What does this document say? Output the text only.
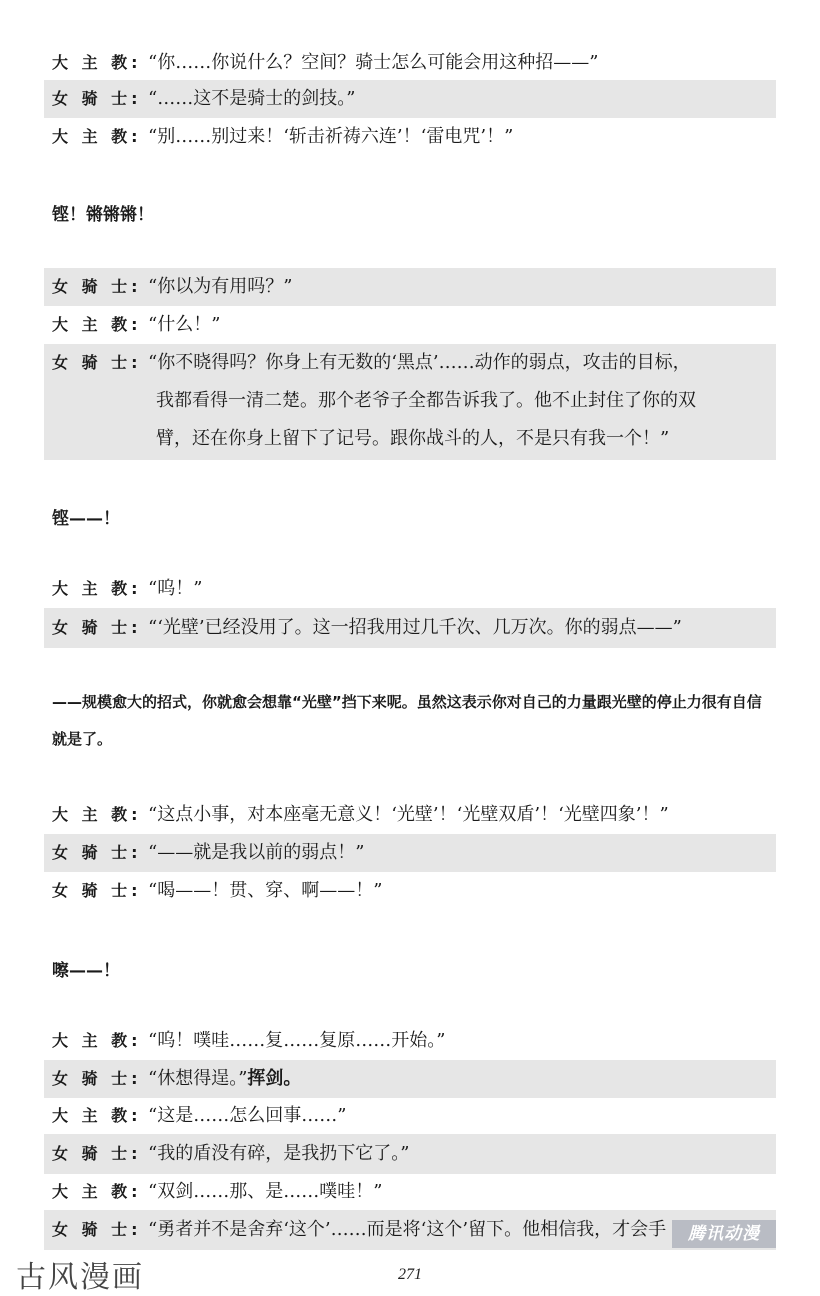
大 主 教: “你……你说什么？空间？骑士怎么可能会用这种招——”
女 骑 士: “……这不是骑士的剑技。”
大 主 教: “别……别过来！‘斩击祈祷六连’！‘雷电咒’！”
铿！锵锵锵！
女 骑 士: “你以为有用吗？”
大 主 教: “什么！”
女 骑 士: “你不晓得吗？你身上有无数的‘黑点’……动作的弱点，攻击的目标，
我都看得一清二楚。那个老爷子全都告诉我了。他不止封住了你的双
臂，还在你身上留下了记号。跟你战斗的人，不是只有我一个！”
铿——！
大 主 教: “呜！”
女 骑 士: “‘光壁’已经没用了。这一招我用过几千次、几万次。你的弱点——”
——规模愈大的招式，你就愈会想靠“光壁”挡下来呢。虽然这表示你对自己的力量跟光壁的停止力很有自信就是了。
大 主 教: “这点小事，对本座毫无意义！‘光壁’！‘光壁双盾’！‘光壁四象’！”
女 骑 士: “——就是我以前的弱点！”
女 骑 士: “喝——！贯、穿、啊——！”
嚓——！
大 主 教: “呜！噗哇……复……复原……开始。”
女 骑 士: “休想得逞。”挥剑。
大 主 教: “这是……怎么回事……”
女 骑 士: “我的盾没有碎，是我扔下它了。”
大 主 教: “双剑……那、是……噗哇！”
女 骑 士: “勇者并不是舍弃‘这个’……而是将‘这个’留下。他相信我，才会手	腾讯动漫
古风漫画	271
